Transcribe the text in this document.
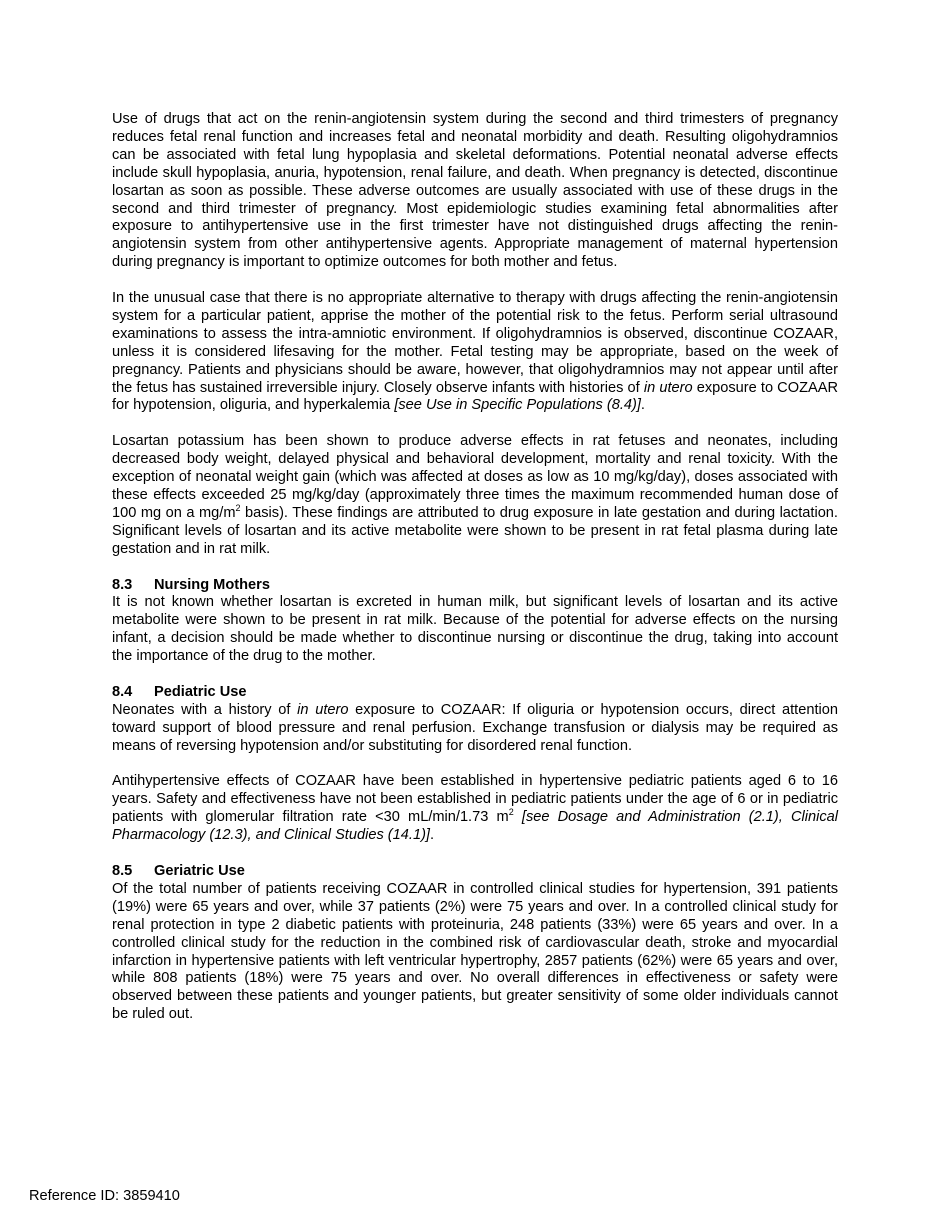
Use of drugs that act on the renin-angiotensin system during the second and third trimesters of pregnancy reduces fetal renal function and increases fetal and neonatal morbidity and death. Resulting oligohydramnios can be associated with fetal lung hypoplasia and skeletal deformations. Potential neonatal adverse effects include skull hypoplasia, anuria, hypotension, renal failure, and death. When pregnancy is detected, discontinue losartan as soon as possible. These adverse outcomes are usually associated with use of these drugs in the second and third trimester of pregnancy. Most epidemiologic studies examining fetal abnormalities after exposure to antihypertensive use in the first trimester have not distinguished drugs affecting the renin-angiotensin system from other antihypertensive agents. Appropriate management of maternal hypertension during pregnancy is important to optimize outcomes for both mother and fetus.

In the unusual case that there is no appropriate alternative to therapy with drugs affecting the renin-angiotensin system for a particular patient, apprise the mother of the potential risk to the fetus. Perform serial ultrasound examinations to assess the intra-amniotic environment. If oligohydramnios is observed, discontinue COZAAR, unless it is considered lifesaving for the mother. Fetal testing may be appropriate, based on the week of pregnancy. Patients and physicians should be aware, however, that oligohydramnios may not appear until after the fetus has sustained irreversible injury. Closely observe infants with histories of in utero exposure to COZAAR for hypotension, oliguria, and hyperkalemia [see Use in Specific Populations (8.4)].

Losartan potassium has been shown to produce adverse effects in rat fetuses and neonates, including decreased body weight, delayed physical and behavioral development, mortality and renal toxicity. With the exception of neonatal weight gain (which was affected at doses as low as 10 mg/kg/day), doses associated with these effects exceeded 25 mg/kg/day (approximately three times the maximum recommended human dose of 100 mg on a $mg/m^2$ basis). These findings are attributed to drug exposure in late gestation and during lactation. Significant levels of losartan and its active metabolite were shown to be present in rat fetal plasma during late gestation and in rat milk.

8.3 Nursing Mothers

It is not known whether losartan is excreted in human milk, but significant levels of losartan and its active metabolite were shown to be present in rat milk. Because of the potential for adverse effects on the nursing infant, a decision should be made whether to discontinue nursing or discontinue the drug, taking into account the importance of the drug to the mother.

8.4 Pediatric Use

Neonates with a history of in utero exposure to COZAAR: If oliguria or hypotension occurs, direct attention toward support of blood pressure and renal perfusion. Exchange transfusion or dialysis may be required as means of reversing hypotension and/or substituting for disordered renal function.

Antihypertensive effects of COZAAR have been established in hypertensive pediatric patients aged 6 to 16 years. Safety and effectiveness have not been established in pediatric patients under the age of 6 or in pediatric patients with glomerular filtration rate <30 mL/min/1.73 $m^2$ [see Dosage and Administration (2.1), Clinical Pharmacology (12.3), and Clinical Studies (14.1)].

8.5 Geriatric Use

Of the total number of patients receiving COZAAR in controlled clinical studies for hypertension, 391 patients (19%) were 65 years and over, while 37 patients (2%) were 75 years and over. In a controlled clinical study for renal protection in type 2 diabetic patients with proteinuria, 248 patients (33%) were 65 years and over. In a controlled clinical study for the reduction in the combined risk of cardiovascular death, stroke and myocardial infarction in hypertensive patients with left ventricular hypertrophy, 2857 patients (62%) were 65 years and over, while 808 patients (18%) were 75 years and over. No overall differences in effectiveness or safety were observed between these patients and younger patients, but greater sensitivity of some older individuals cannot be ruled out.

Reference ID: 3859410
